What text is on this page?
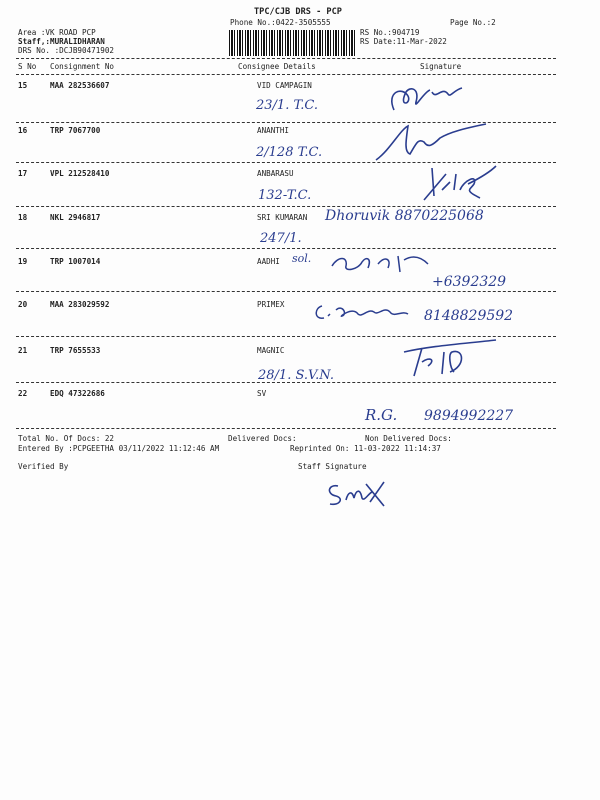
TPC/CJB DRS - PCP
Phone No.:0422-3505555	Page No.:2
Area :VK ROAD PCP
Staff,:MURALIDHARAN
DRS No. :DCJB90471902
RS No.:904719
RS Date:11-Mar-2022
S No Consignment No	Consignee Details	Signature
15	MAA 282536607	VID CAMPAGIN
23/1. T.C.
16	TRP 7067700	ANANTHI
2/128 T.C.
17	VPL 212528410	ANBARASU
132-T.C.
18	NKL 2946817	SRI KUMARAN Dhoruvik 8870225068
247/1.
19	TRP 1007014	AADHI sol.
+6392329
20	MAA 283029592	PRIMEX
8148829592
21	TRP 7655533	MAGNIC
28/1. S.V.N.
22	EDQ 47322686	SV
R.G. 9894992227
Total No. Of Docs: 22	Delivered Docs:	Non Delivered Docs:
Entered By :PCPGEETHA 03/11/2022 11:12:46 AM	Reprinted On: 11-03-2022 11:14:37
Verified By	Staff Signature
